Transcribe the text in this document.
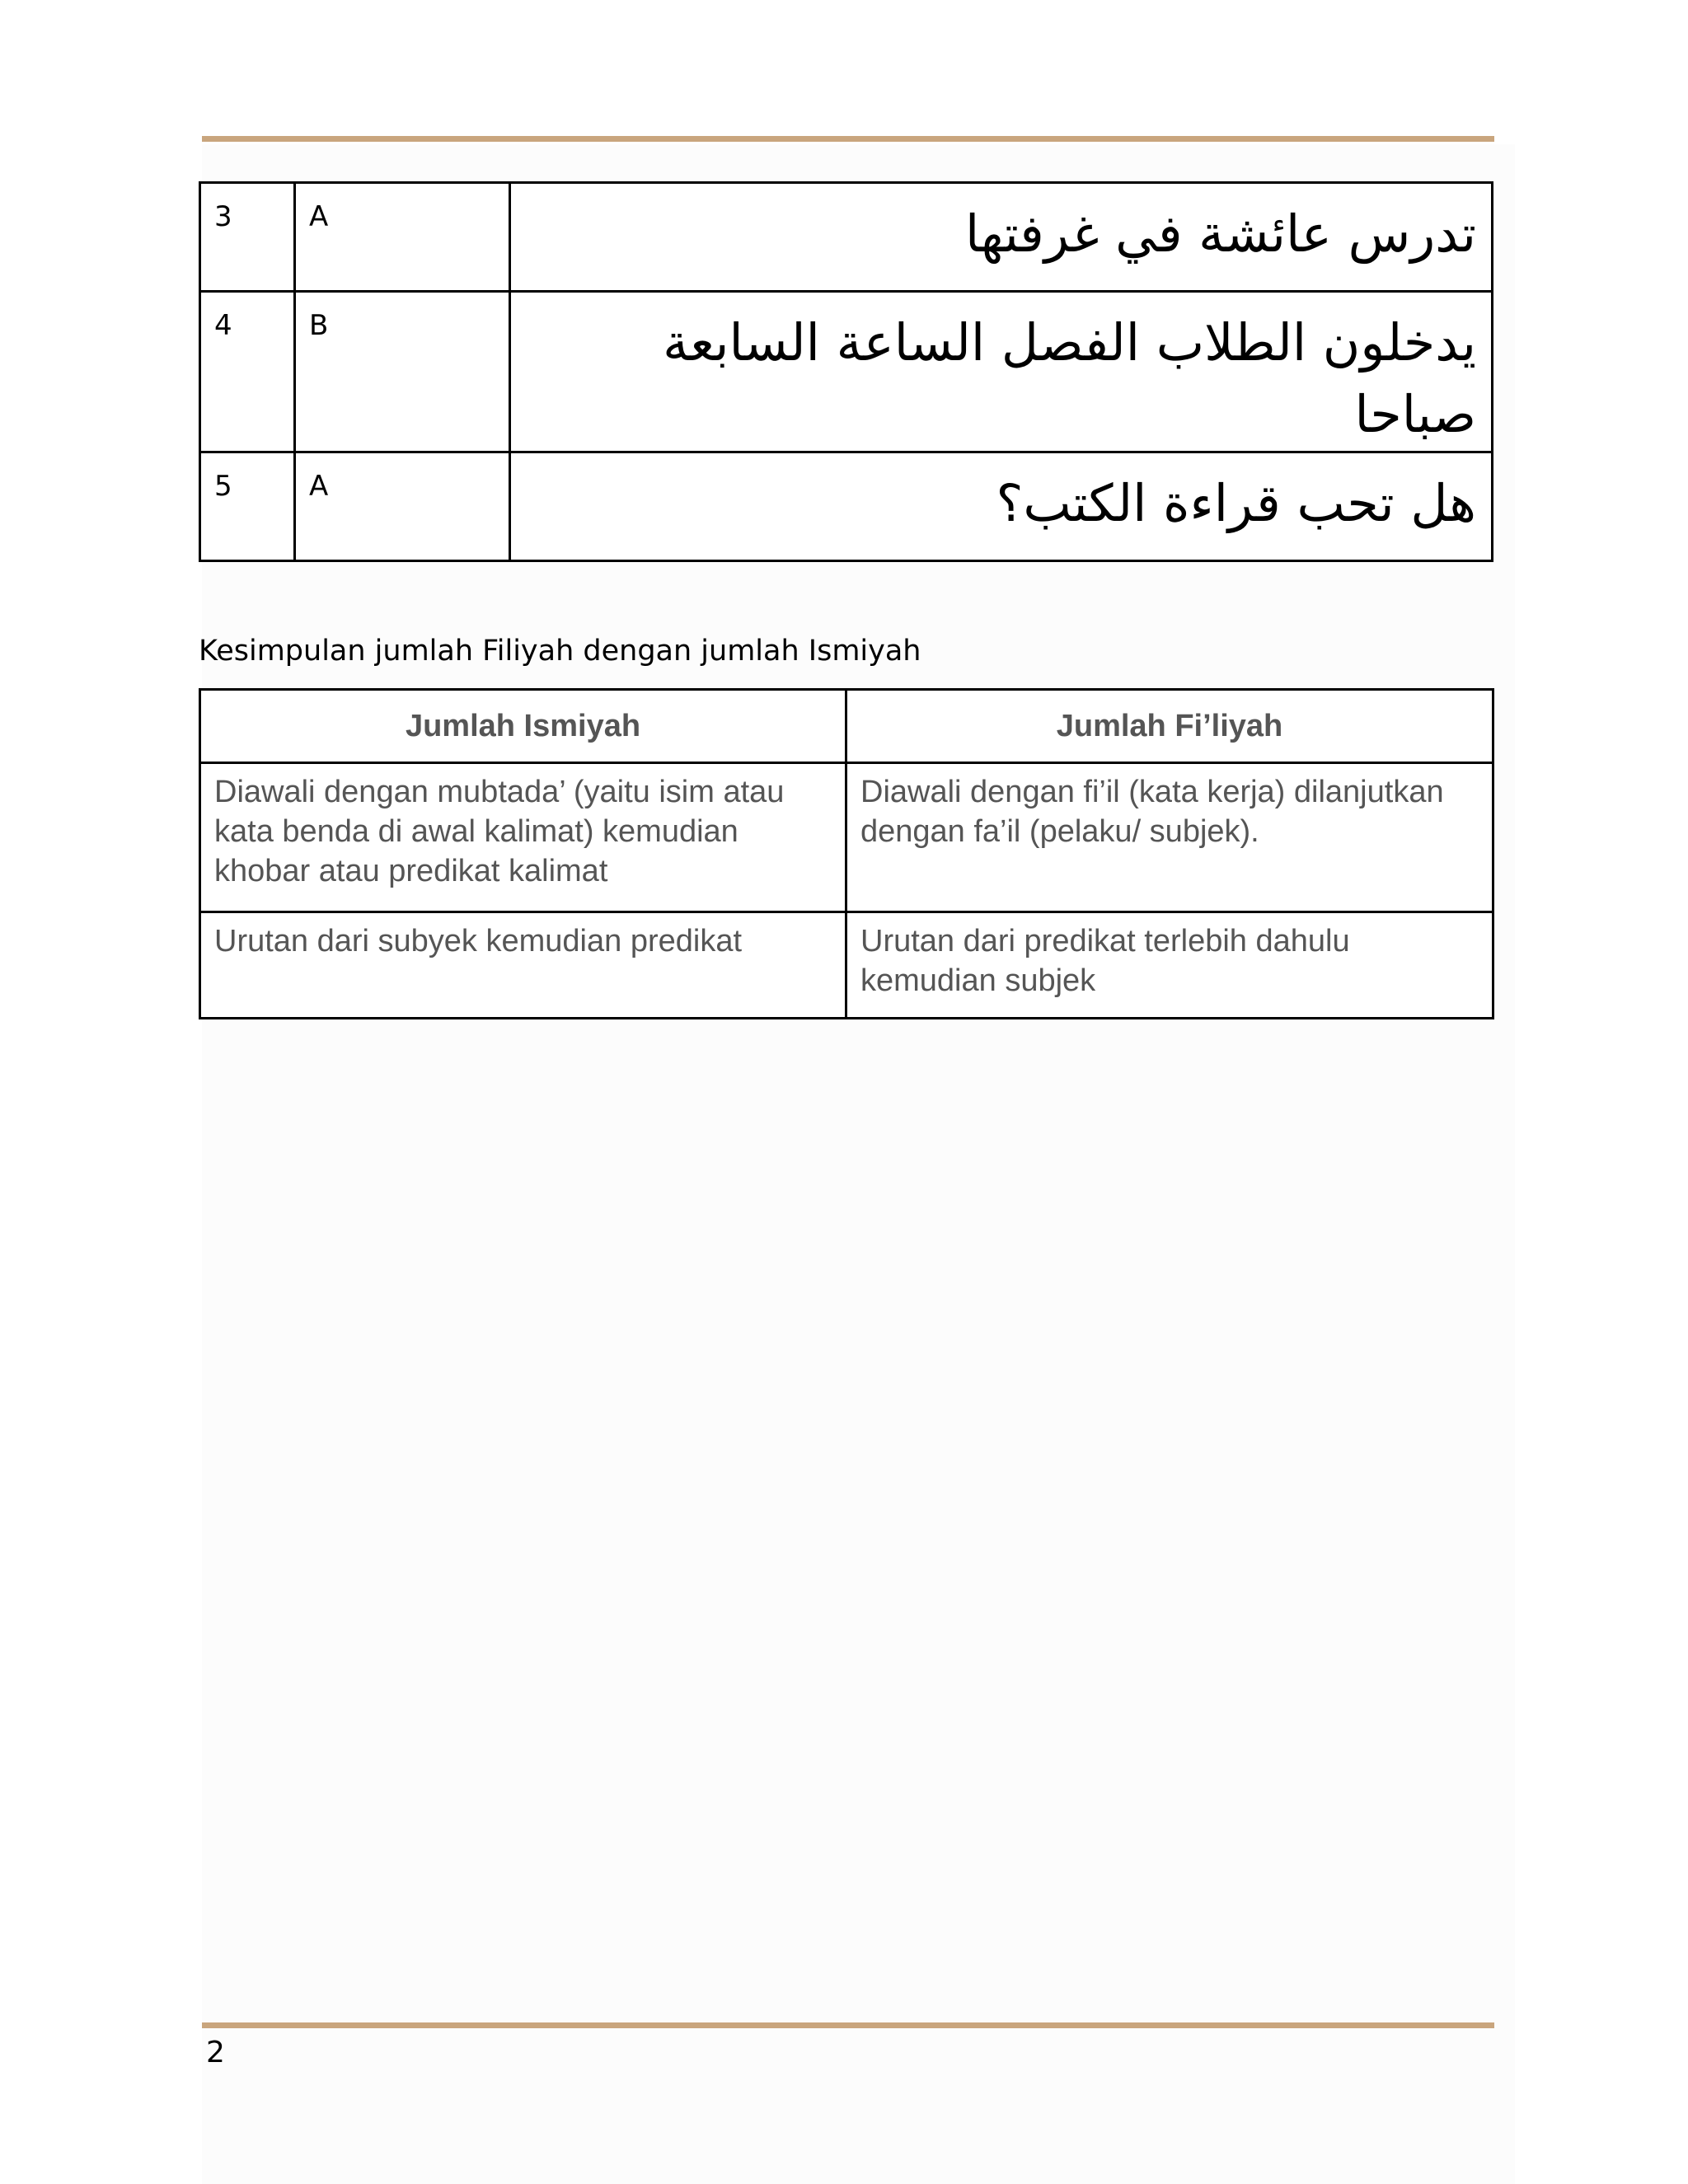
3	A	تدرس عائشة في غرفتها
4	B	يدخلون الطلاب الفصل الساعة السابعة صباحا
5	A	هل تحب قراءة الكتب؟
Kesimpulan jumlah Filiyah dengan jumlah Ismiyah
Jumlah Ismiyah	Jumlah Fi’liyah
Diawali dengan mubtada’ (yaitu isim atau kata benda di awal kalimat) kemudian khobar atau predikat kalimat	Diawali dengan fi’il (kata kerja) dilanjutkan dengan fa’il (pelaku/ subjek).
Urutan dari subyek kemudian predikat	Urutan dari predikat terlebih dahulu kemudian subjek
2
